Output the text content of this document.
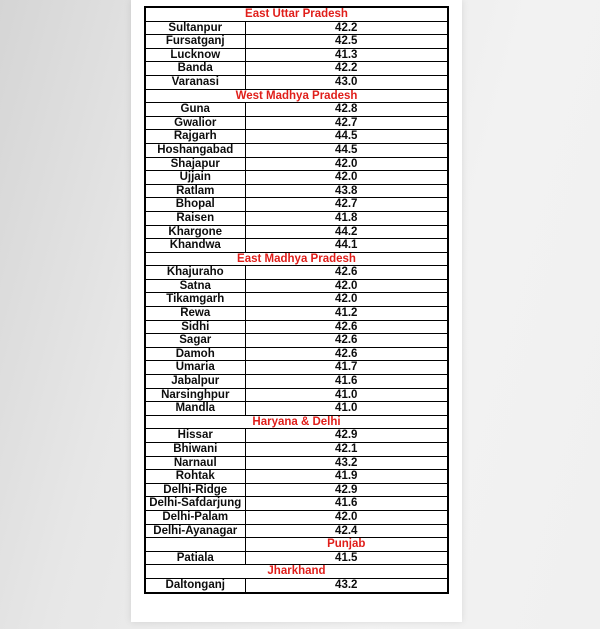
East Uttar Pradesh	
Sultanpur	42.2
Fursatganj	42.5
Lucknow	41.3
Banda	42.2
Varanasi	43.0
West Madhya Pradesh	
Guna	42.8
Gwalior	42.7
Rajgarh	44.5
Hoshangabad	44.5
Shajapur	42.0
Ujjain	42.0
Ratlam	43.8
Bhopal	42.7
Raisen	41.8
Khargone	44.2
Khandwa	44.1
East Madhya Pradesh	
Khajuraho	42.6
Satna	42.0
Tikamgarh	42.0
Rewa	41.2
Sidhi	42.6
Sagar	42.6
Damoh	42.6
Umaria	41.7
Jabalpur	41.6
Narsinghpur	41.0
Mandla	41.0
Haryana & Delhi	
Hissar	42.9
Bhiwani	42.1
Narnaul	43.2
Rohtak	41.9
Delhi-Ridge	42.9
Delhi-Safdarjung	41.6
Delhi-Palam	42.0
Delhi-Ayanagar	42.4
	Punjab
Patiala	41.5
Jharkhand	
Daltonganj	43.2
